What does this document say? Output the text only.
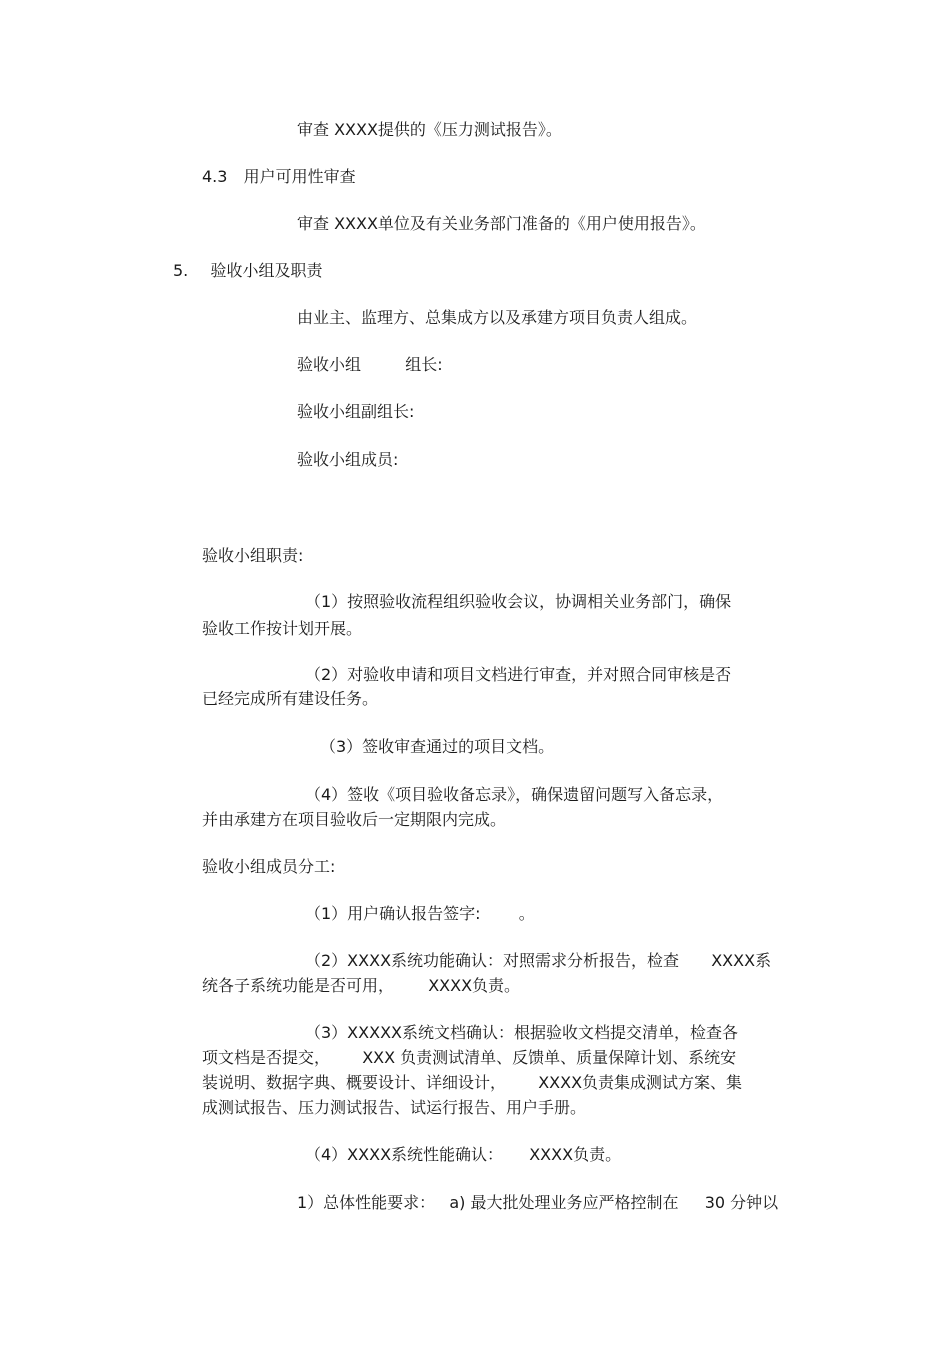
审查 XXXX提供的《压力测试报告》。
4.3 用户可用性审查
审查 XXXX单位及有关业务部门准备的《用户使用报告》。
5. 验收小组及职责
由业主、监理方、总集成方以及承建方项目负责人组成。
验收小组	组长:
验收小组副组长:
验收小组成员:
验收小组职责:
（1）按照验收流程组织验收会议，协调相关业务部门，确保
验收工作按计划开展。
（2）对验收申请和项目文档进行审查，并对照合同审核是否
已经完成所有建设任务。
（3）签收审查通过的项目文档。
（4）签收《项目验收备忘录》，确保遗留问题写入备忘录，
并由承建方在项目验收后一定期限内完成。
验收小组成员分工:
（1）用户确认报告签字: 。
（2）XXXX系统功能确认：对照需求分析报告，检查 XXXX系
统各子系统功能是否可用， XXXX负责。
（3）XXXXX系统文档确认：根据验收文档提交清单，检查各
项文档是否提交， XXX 负责测试清单、反馈单、质量保障计划、系统安
装说明、数据字典、概要设计、详细设计， XXXX负责集成测试方案、集
成测试报告、压力测试报告、试运行报告、用户手册。
（4）XXXX系统性能确认： XXXX负责。
1）总体性能要求： a) 最大批处理业务应严格控制在 30 分钟以
